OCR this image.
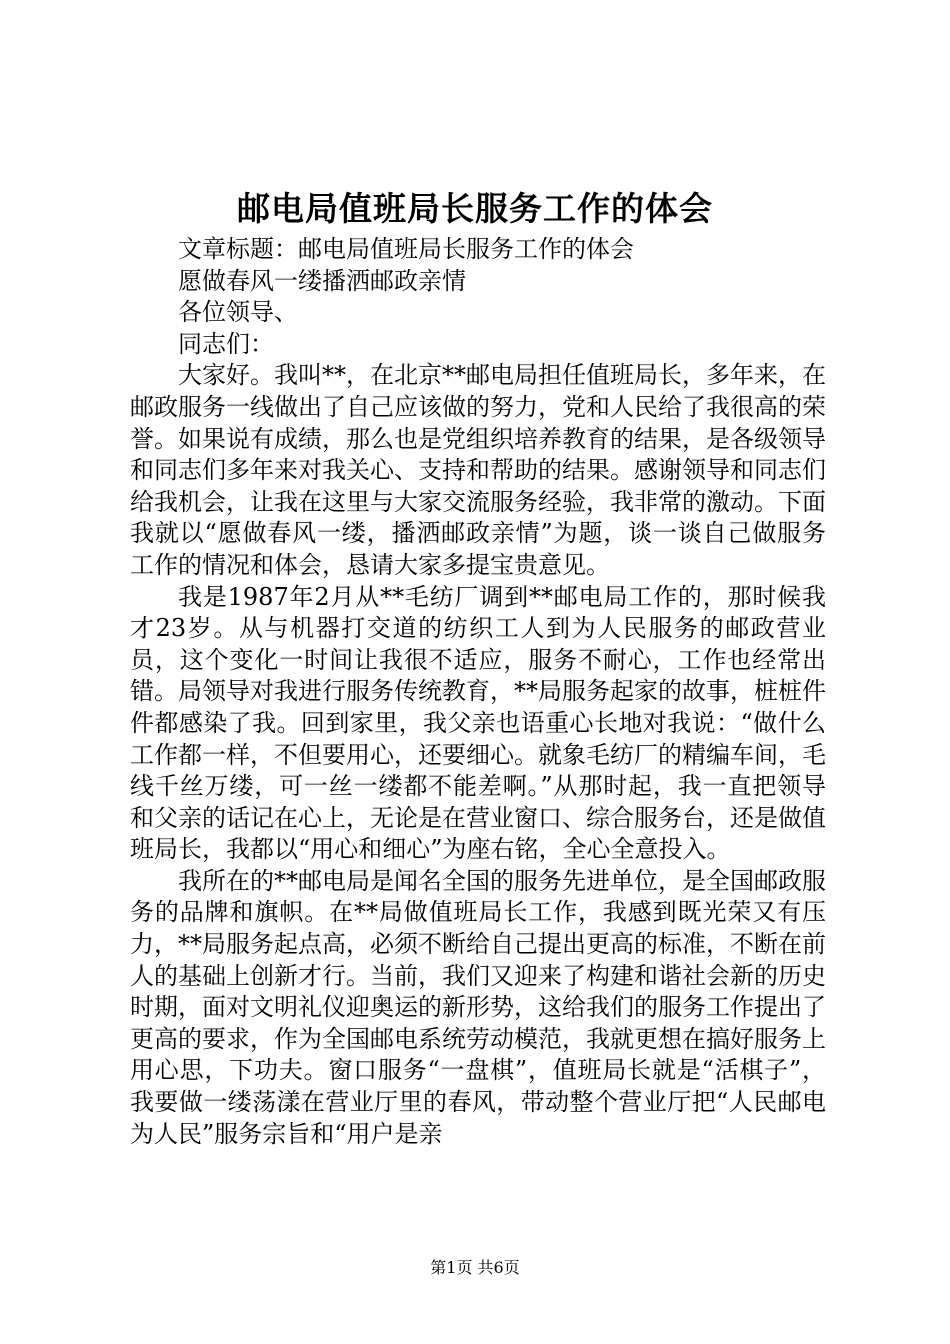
邮电局值班局长服务工作的体会

文章标题：邮电局值班局长服务工作的体会

愿做春风一缕播洒邮政亲情

各位领导、

同志们：

大家好。我叫**，在北京**邮电局担任值班局长，多年来，在邮政服务一线做出了自己应该做的努力，党和人民给了我很高的荣誉。如果说有成绩，那么也是党组织培养教育的结果，是各级领导和同志们多年来对我关心、支持和帮助的结果。感谢领导和同志们给我机会，让我在这里与大家交流服务经验，我非常的激动。下面我就以“愿做春风一缕，播洒邮政亲情”为题，谈一谈自己做服务工作的情况和体会，恳请大家多提宝贵意见。

我是1987年2月从**毛纺厂调到**邮电局工作的，那时候我才23岁。从与机器打交道的纺织工人到为人民服务的邮政营业员，这个变化一时间让我很不适应，服务不耐心，工作也经常出错。局领导对我进行服务传统教育，**局服务起家的故事，桩桩件件都感染了我。回到家里，我父亲也语重心长地对我说：“做什么工作都一样，不但要用心，还要细心。就象毛纺厂的精编车间，毛线千丝万缕，可一丝一缕都不能差啊。”从那时起，我一直把领导和父亲的话记在心上，无论是在营业窗口、综合服务台，还是做值班局长，我都以“用心和细心”为座右铭，全心全意投入。

我所在的**邮电局是闻名全国的服务先进单位，是全国邮政服务的品牌和旗帜。在**局做值班局长工作，我感到既光荣又有压力，**局服务起点高，必须不断给自己提出更高的标准，不断在前人的基础上创新才行。当前，我们又迎来了构建和谐社会新的历史时期，面对文明礼仪迎奥运的新形势，这给我们的服务工作提出了更高的要求，作为全国邮电系统劳动模范，我就更想在搞好服务上用心思，下功夫。窗口服务“一盘棋”，值班局长就是“活棋子”，我要做一缕荡漾在营业厅里的春风，带动整个营业厅把“人民邮电为人民”服务宗旨和“用户是亲

第1页 共6页
